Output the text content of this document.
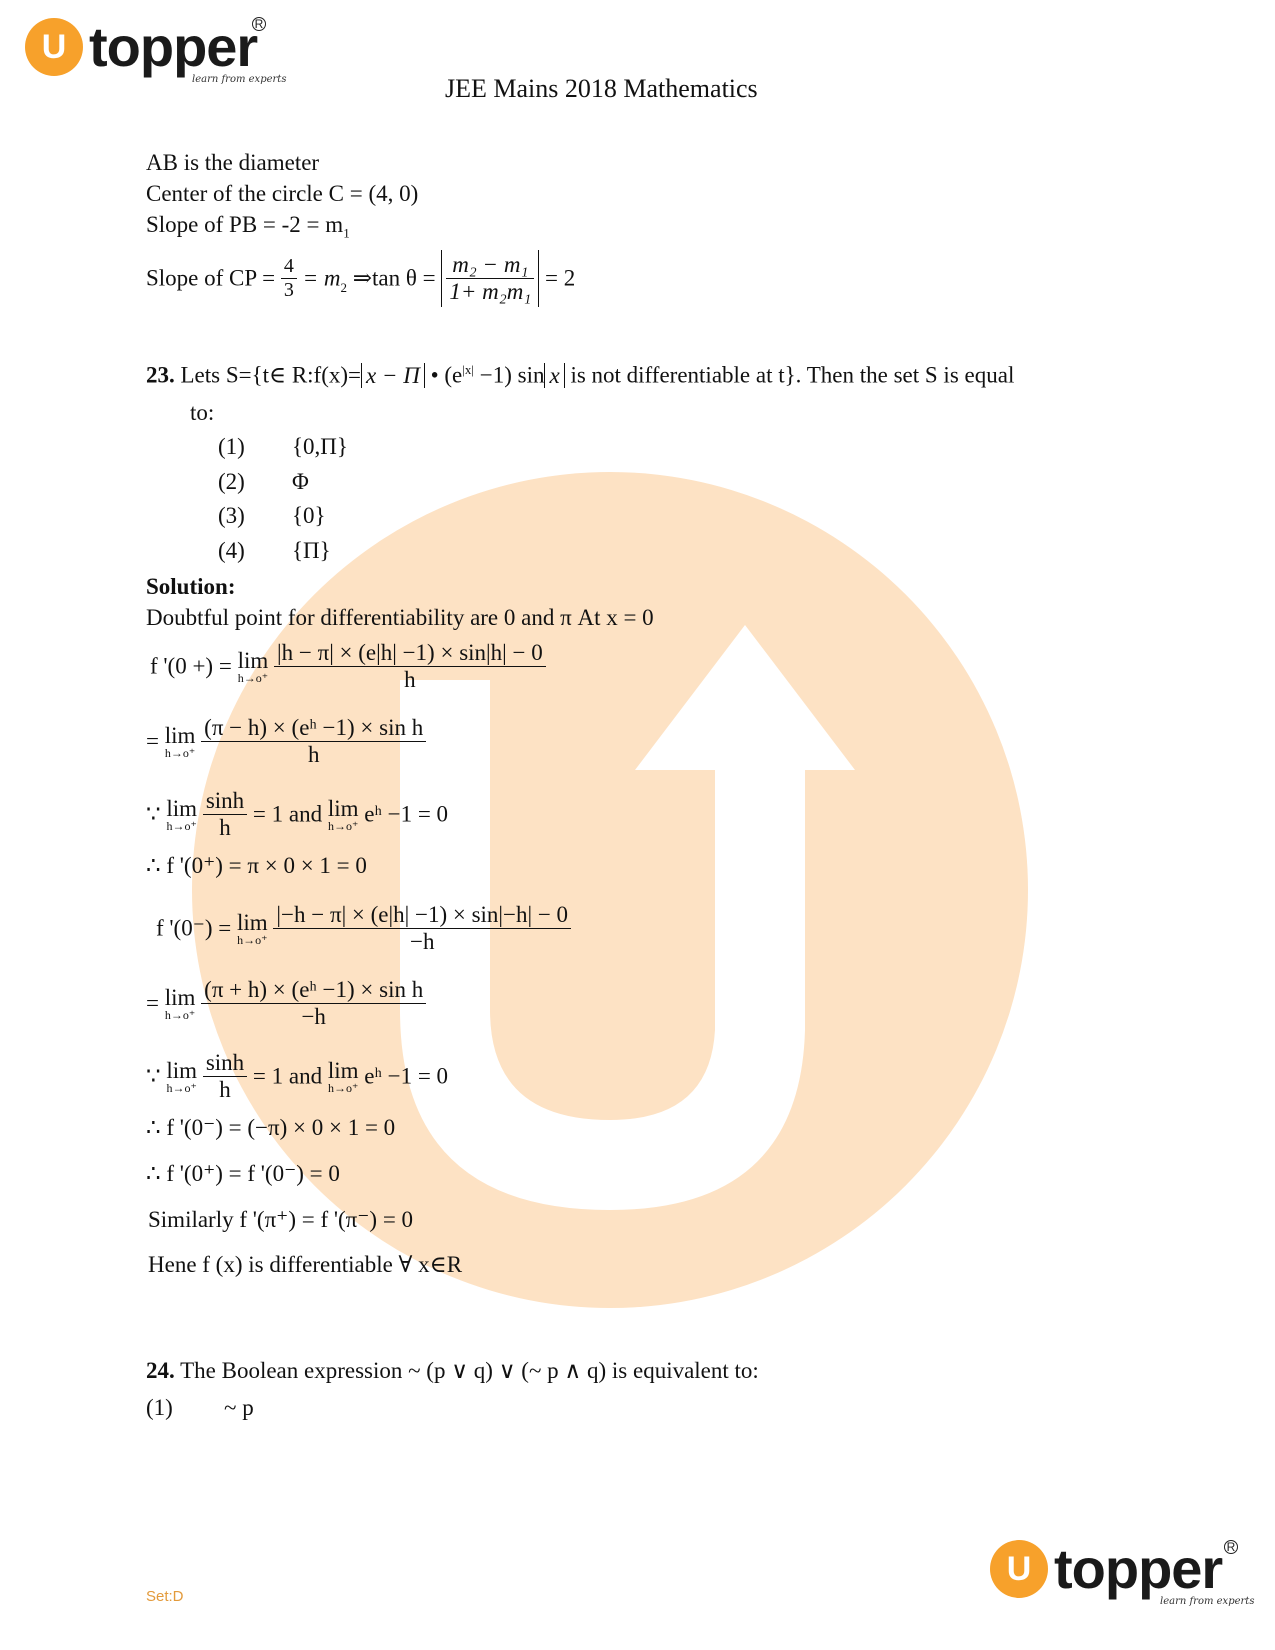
U topper
learn from experts
R
JEE Mains 2018 Mathematics
AB is the diameter
Center of the circle C = (4, 0)
Slope of PB = $-2 = m_1$
Slope of CP = $\frac{4}{3} = m_2$ ⇒tan $\theta = \frac{\text{m₂ − m₁}}{\text{1+ m₂m₁}} = 2$
23. Lets S={t∈ R:f(x)= x − Π • $(e^{|x|} -1)$ sin x is not differentiable at t}. Then the set S is equal
to:
(1) {0,Π}
(2) Φ
(3) {0}
(4) {Π}
Solution:
Doubtful point for differentiability are 0 and π At x = 0
f '(0 +) = lim
h→o⁺
$\frac{|h - \pi| \times (e|h| -1) \times \sin|h| - 0}{h}$
= lim
h→o⁺
$\frac{\text{(π − h) × (eʰ −1) × sin h}}{h}$
∵ lim
h→o⁺
$\frac{\sinh}{h} = 1$ and lim
h→o⁺ eʰ −1 = 0
∴ f '(0⁺) = π × 0 × 1 = 0
f '(0⁻) = lim
h→o⁺
$\frac{|-h - \pi| \times (e|h| -1) \times \sin|-h| - 0}{-h}$
= lim
h→o⁺
$\frac{\text{(π + h) × (eʰ −1) × sin h}}{-h}$
∵ lim
h→o⁺
$\frac{\sinh}{h} = 1$ and lim
h→o⁺ eʰ −1 = 0
∴ f '(0⁻) = (−π) × 0 × 1 = 0
∴ f '(0⁺) = f '(0⁻) = 0
Similarly f '(π⁺) = f '(π⁻) = 0
Hene f (x) is differentiable ∀ x∈R
24. The Boolean expression ~ (p ∨ q) ∨ (~ p ∧ q) is equivalent to:
(1) ~ p
Set:D
U topper
learn from experts
R
